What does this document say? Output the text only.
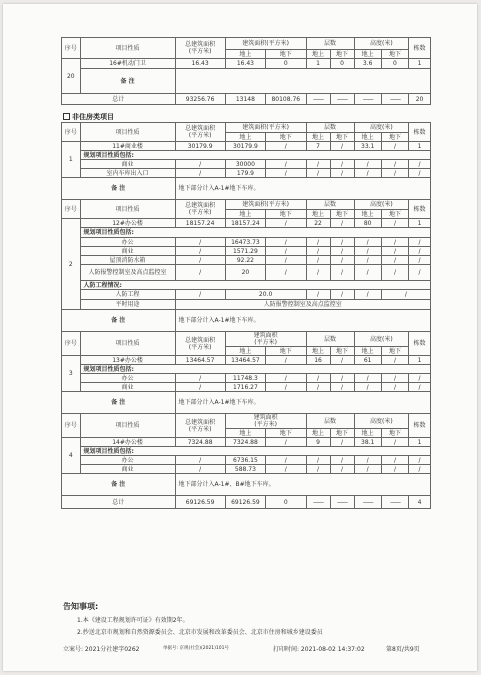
序号	项目性质	总建筑面积
(平方米)	建筑面积(平方米)		层数		高度(米)		栋数
			地上	地下	地上	地下	地上	地下	
20	16#机动门卫	16.43	16.43	0	1	0	3.6	0	1
	备 注								
总计		93256.76	13148	80108.76	——	——	——	——	20
非住房类项目
序号	项目性质	总建筑面积
(平方米)	建筑面积(平方米)		层数		高度(米)		栋数
			地上	地下	地上	地下	地上	地下	
1	11#商业楼	30179.9	30179.9	/	7	/	33.1	/	1
	规划项目性质包括:								
	商业	/	30000	/	/	/	/	/	/
	室内车库出入口	/	179.9	/	/	/	/	/	/
备 注		地下部分计入A-1#地下车库。							
序号	项目性质	总建筑面积
(平方米)	建筑面积(平方米)		层数		高度(米)		栋数
			地上	地下	地上	地下	地上	地下	
2	12#办公楼	18157.24	18157.24	/	22	/	80	/	1
	规划项目性质包括:								
	办公	/	16473.73	/	/	/	/	/	/
	商业	/	1571.29	/	/	/	/	/	/
	屋顶消防水箱	/	92.22	/	/	/	/	/	/
	人防报警控制室及高点监控室	/	20	/	/	/	/	/	/
	人防工程情况:								
	人防工程	/	20.0		/	/	/	/	
	平时用途	人防报警控制室及高点监控室							
备 注		地下部分计入A-1#地下车库。							
序号	项目性质	总建筑面积
(平方米)	建筑面积
(平方米)		层数		高度(米)		栋数
			地上	地下	地上	地下	地上	地下	
3	13#办公楼	13464.57	13464.57	/	16	/	61	/	1
	规划项目性质包括:								
	办公	/	11748.3	/	/	/	/	/	/
	商业	/	1716.27	/	/	/	/	/	/
备 注		地下部分计入A-1#地下车库。							
序号	项目性质	总建筑面积
(平方米)	建筑面积
(平方米)		层数		高度(米)		栋数
			地上	地下	地上	地下	地上	地下	
4	14#办公楼	7324.88	7324.88	/	9	/	38.1	/	1
	规划项目性质包括:								
	办公	/	6736.15	/	/	/	/	/	/
	商业	/	588.73	/	/	/	/	/	/
备 注		地下部分计入A-1#、B#地下车库。							
总计		69126.59	69126.59	0	——	——	——	——	4
告知事项:
1.本《建设工程规划许可证》有效期2年。
2.抄送北京市规划和自然资源委员会、北京市发展和改革委员会、北京市住房和城乡建设委员
立案号: 2021分社建字0262	单据号: 京规(社会)(2021)101号	打印时间: 2021-08-02 14:37:02	第8页/共9页
